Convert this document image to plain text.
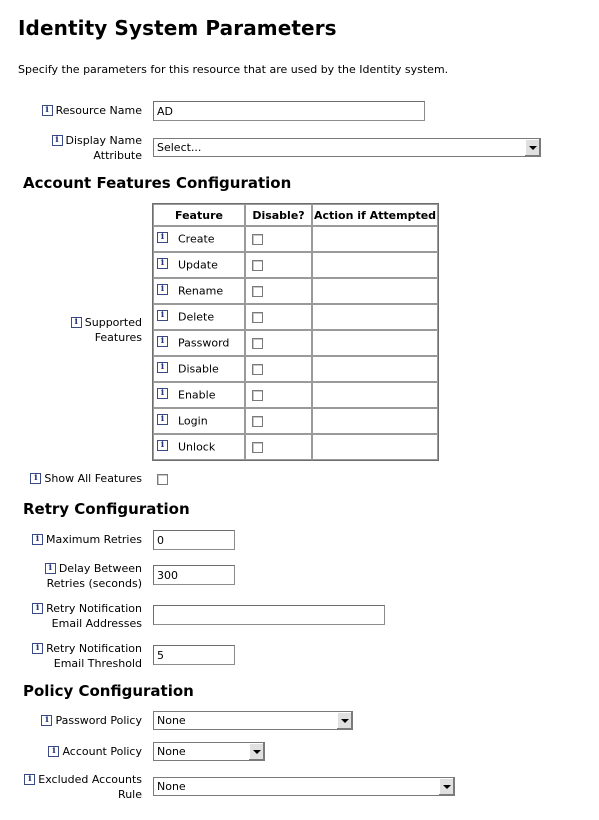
Identity System Parameters
Specify the parameters for this resource that are used by the Identity system.
i Resource Name
AD
i Display Name
Attribute
Select...
Account Features Configuration
i Supported
Features
Feature	Disable?	Action if Attempted
i Create	

i Update	

i Rename	

i Delete	

i Password	

i Disable	

i Enable	

i Login	

i Unlock	

i Show All Features
Retry Configuration
i Maximum Retries
0
i Delay Between
Retries (seconds)
300
i Retry Notification
Email Addresses
i Retry Notification
Email Threshold
5
Policy Configuration
i Password Policy	None
i Account Policy	None
i Excluded Accounts
Rule
None
